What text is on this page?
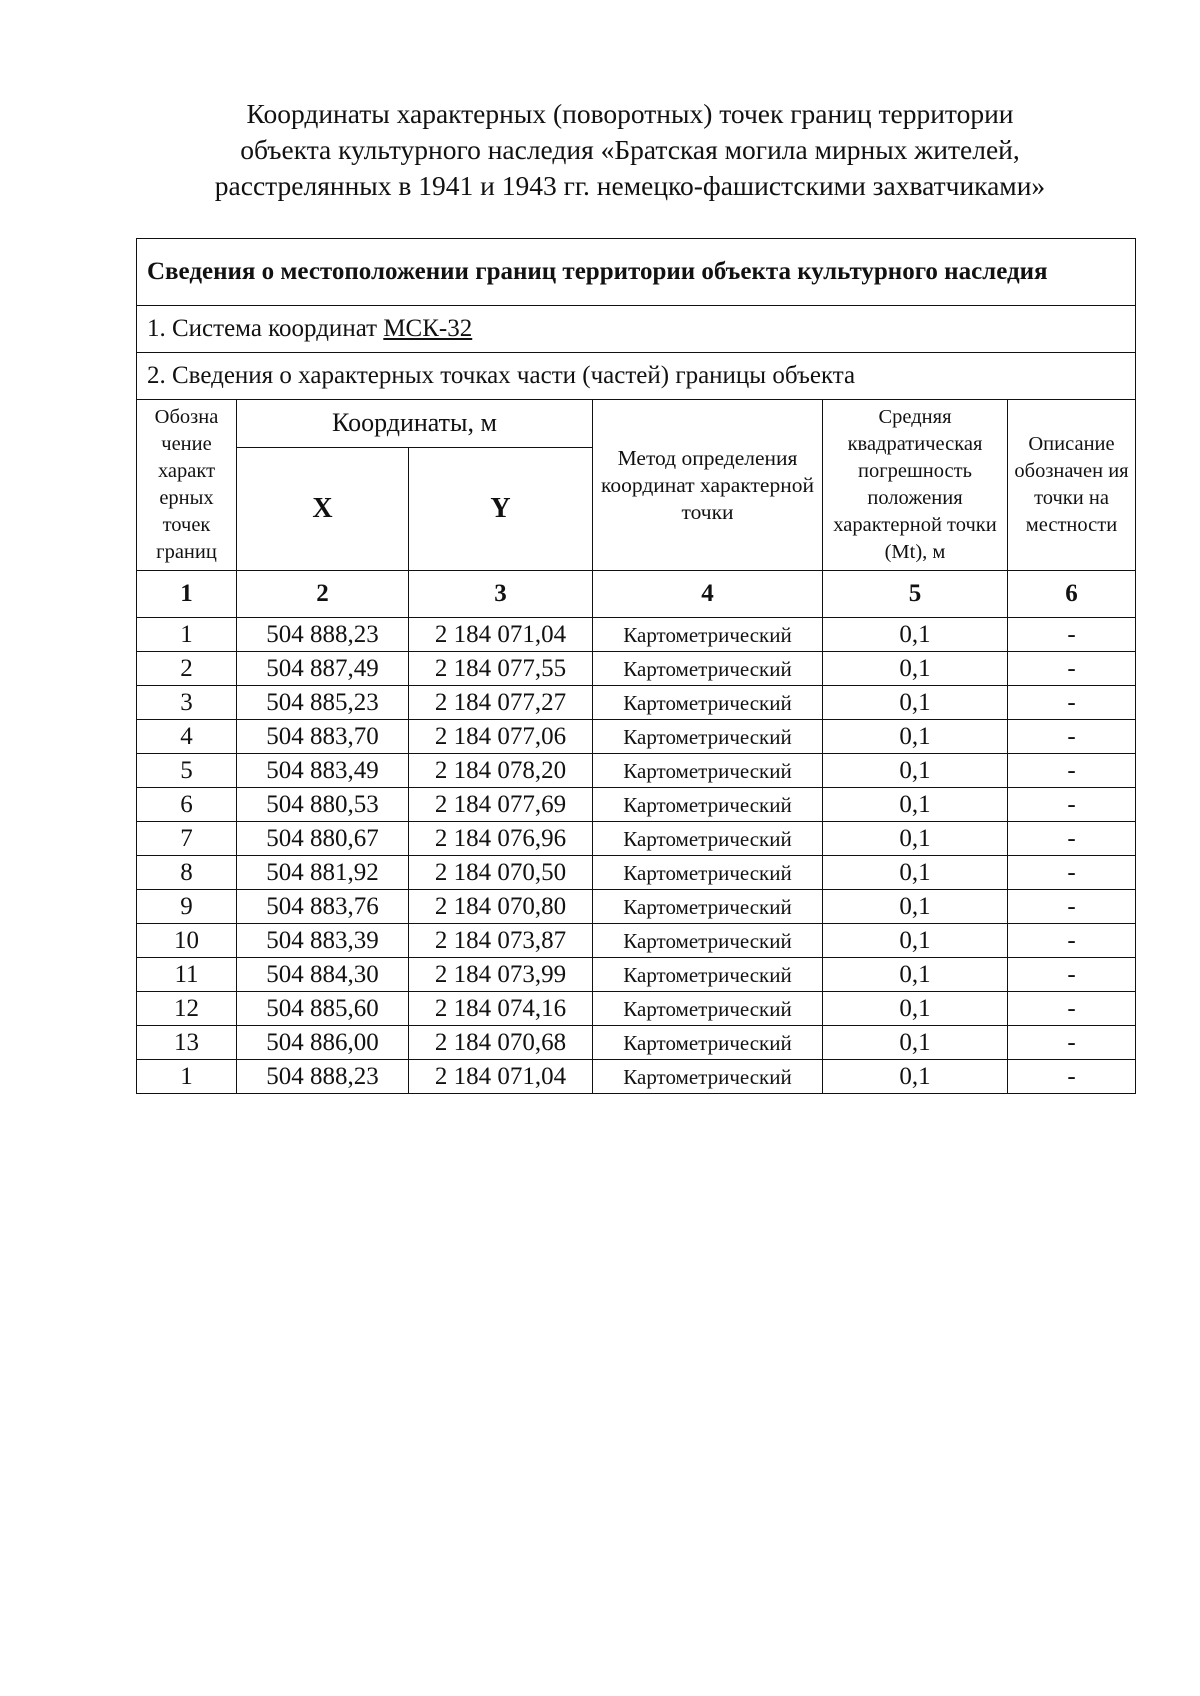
Координаты характерных (поворотных) точек границ территории
объекта культурного наследия «Братская могила мирных жителей,
расстрелянных в 1941 и 1943 гг. немецко-фашистскими захватчиками»
Сведения о местоположении границ территории объекта культурного наследия					
1. Система координат МСК-32					
2. Сведения о характерных точках части (частей) границы объекта					
Обозна чение характ ерных точек границ	Координаты, м		Метод определения координат характерной точки	Средняя квадратическая погрешность положения характерной точки (Mt), м	Описание обозначен ия точки на местности
	X	Y			
1	2	3	4	5	6
1	504 888,23	2 184 071,04	Картометрический	0,1	-
2	504 887,49	2 184 077,55	Картометрический	0,1	-
3	504 885,23	2 184 077,27	Картометрический	0,1	-
4	504 883,70	2 184 077,06	Картометрический	0,1	-
5	504 883,49	2 184 078,20	Картометрический	0,1	-
6	504 880,53	2 184 077,69	Картометрический	0,1	-
7	504 880,67	2 184 076,96	Картометрический	0,1	-
8	504 881,92	2 184 070,50	Картометрический	0,1	-
9	504 883,76	2 184 070,80	Картометрический	0,1	-
10	504 883,39	2 184 073,87	Картометрический	0,1	-
11	504 884,30	2 184 073,99	Картометрический	0,1	-
12	504 885,60	2 184 074,16	Картометрический	0,1	-
13	504 886,00	2 184 070,68	Картометрический	0,1	-
1	504 888,23	2 184 071,04	Картометрический	0,1	-
